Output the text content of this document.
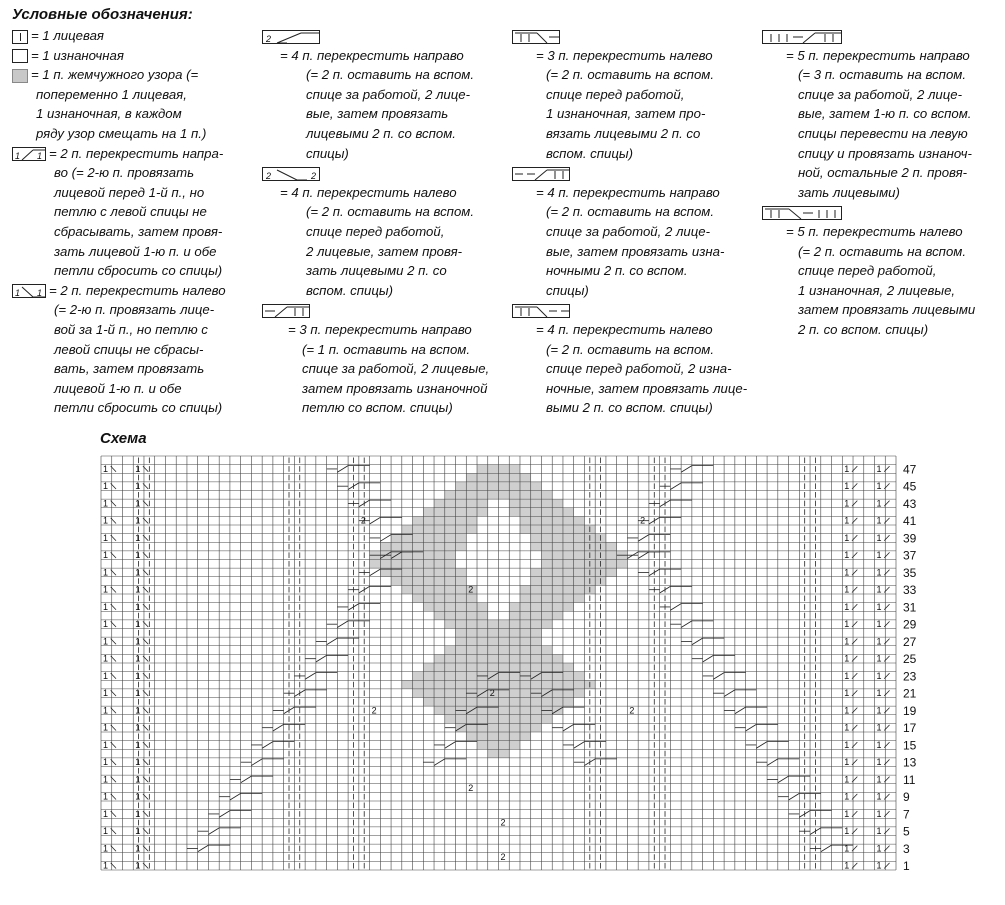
Условные обозначения:
= 1 лицевая
= 1 изнаночная
= 1 п. жемчужного узора (=
попеременно 1 лицевая,
1 изнаночная, в каждом
ряду узор смещать на 1 п.)
1 1 = 2 п. перекрестить напра-
во (= 2-ю п. провязать
лицевой перед 1-й п., но
петлю с левой спицы не
сбрасывать, затем провя-
зать лицевой 1-ю п. и обе
петли сбросить со спицы)
1 1 = 2 п. перекрестить налево
(= 2-ю п. провязать лице-
вой за 1-й п., но петлю с
левой спицы не сбрасы-
вать, затем провязать
лицевой 1-ю п. и обе
петли сбросить со спицы)
2

= 4 п. перекрестить направо
(= 2 п. оставить на вспом.
спице за работой, 2 лице-
вые, затем провязать
лицевыми 2 п. со вспом.
спицы)
2	2

= 4 п. перекрестить налево
(= 2 п. оставить на вспом.
спице перед работой,
2 лицевые, затем провя-
зать лицевыми 2 п. со
вспом. спицы)

= 3 п. перекрестить направо
(= 1 п. оставить на вспом.
спице за работой, 2 лицевые,
затем провязать изнаночной
петлю со вспом. спицы)

= 3 п. перекрестить налево
(= 2 п. оставить на вспом.
спице перед работой,
1 изнаночная, затем про-
вязать лицевыми 2 п. со
вспом. спицы)

= 4 п. перекрестить направо
(= 2 п. оставить на вспом.
спице за работой, 2 лице-
вые, затем провязать изна-
ночными 2 п. со вспом.
спицы)

= 4 п. перекрестить налево
(= 2 п. оставить на вспом.
спице перед работой, 2 изна-
ночные, затем провязать лице-
выми 2 п. со вспом. спицы)

= 5 п. перекрестить направо
(= 3 п. оставить на вспом.
спице за работой, 2 лице-
вые, затем 1-ю п. со вспом.
спицы перевести на левую
спицу и провязать изнаноч-
ной, остальные 2 п. провя-
зать лицевыми)

= 5 п. перекрестить налево
(= 2 п. оставить на вспом.
спице перед работой,
1 изнаночная, 2 лицевые,
затем провязать лицевыми
2 п. со вспом. спицы)
Схема
1	1
1	1
1	1
1	1
1	1
1	1
1	1
1	1
1	1
1	1
1	1
1	1
1	1
1	1
1	1
1	1
1	1
1	1
1	1
1	1
1	1
1	1
1	1
1	1
1	1
1	1
1	1
1	1
1	1
1	1
1	1
1	1
1	1
1	1
1	1
1	1
1	1
1	1
1	1
1	1
1	1
1	1
1	1
1	1
1	1
1	1
1	1
1	1
2
2
2
2	2
2	2
2
2
1
3
5
7
9
11
13
15
17
19
21
23
25
27
29
31
33
35
37
39
41
43
45
47
